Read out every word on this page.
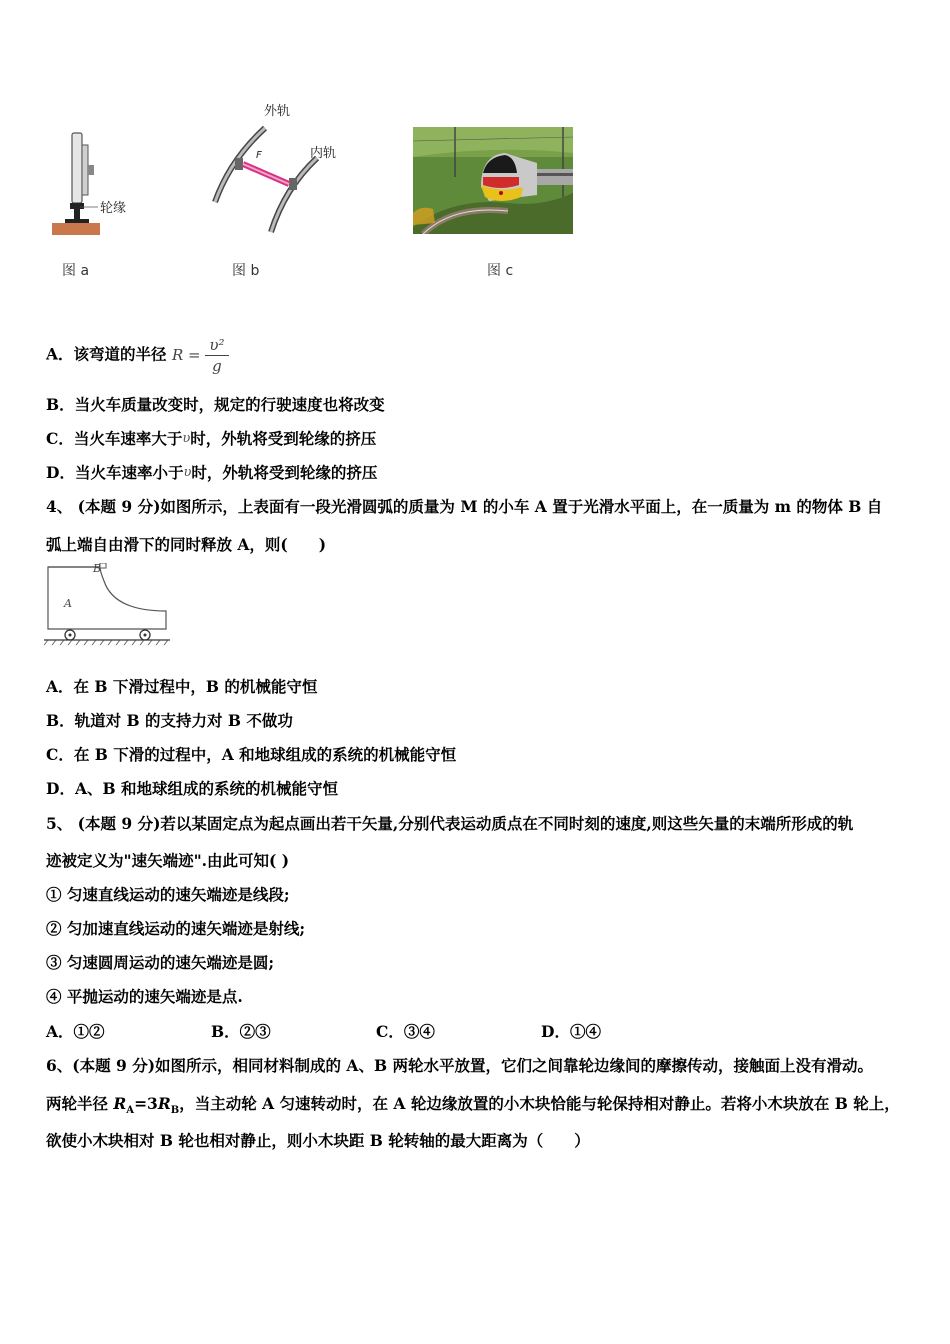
轮缘
图 a
F
外轨
内轨
图 b	图 c
A．该弯道的半径 $R = \frac{\text{υ²}}{g}$
B．当火车质量改变时，规定的行驶速度也将改变
C．当火车速率大于υ时，外轨将受到轮缘的挤压
D．当火车速率小于υ时，外轨将受到轮缘的挤压
4、 (本题 9 分)如图所示，上表面有一段光滑圆弧的质量为 M 的小车 A 置于光滑水平面上，在一质量为 m 的物体 B 自
弧上端自由滑下的同时释放 A，则(　　)
A
B
A．在 B 下滑过程中，B 的机械能守恒
B．轨道对 B 的支持力对 B 不做功
C．在 B 下滑的过程中，A 和地球组成的系统的机械能守恒
D．A、B 和地球组成的系统的机械能守恒
5、 (本题 9 分)若以某固定点为起点画出若干矢量,分别代表运动质点在不同时刻的速度,则这些矢量的末端所形成的轨
迹被定义为"速矢端迹".由此可知( )
① 匀速直线运动的速矢端迹是线段;
② 匀加速直线运动的速矢端迹是射线;
③ 匀速圆周运动的速矢端迹是圆;
④ 平抛运动的速矢端迹是点.
A．①②	B．②③	C．③④	D．①④
6、(本题 9 分)如图所示，相同材料制成的 A、B 两轮水平放置，它们之间靠轮边缘间的摩擦传动，接触面上没有滑动。
两轮半径 $R_A=3R_B$，当主动轮 A 匀速转动时，在 A 轮边缘放置的小木块恰能与轮保持相对静止。若将小木块放在 B 轮上，
欲使小木块相对 B 轮也相对静止，则小木块距 B 轮转轴的最大距离为（　　）
